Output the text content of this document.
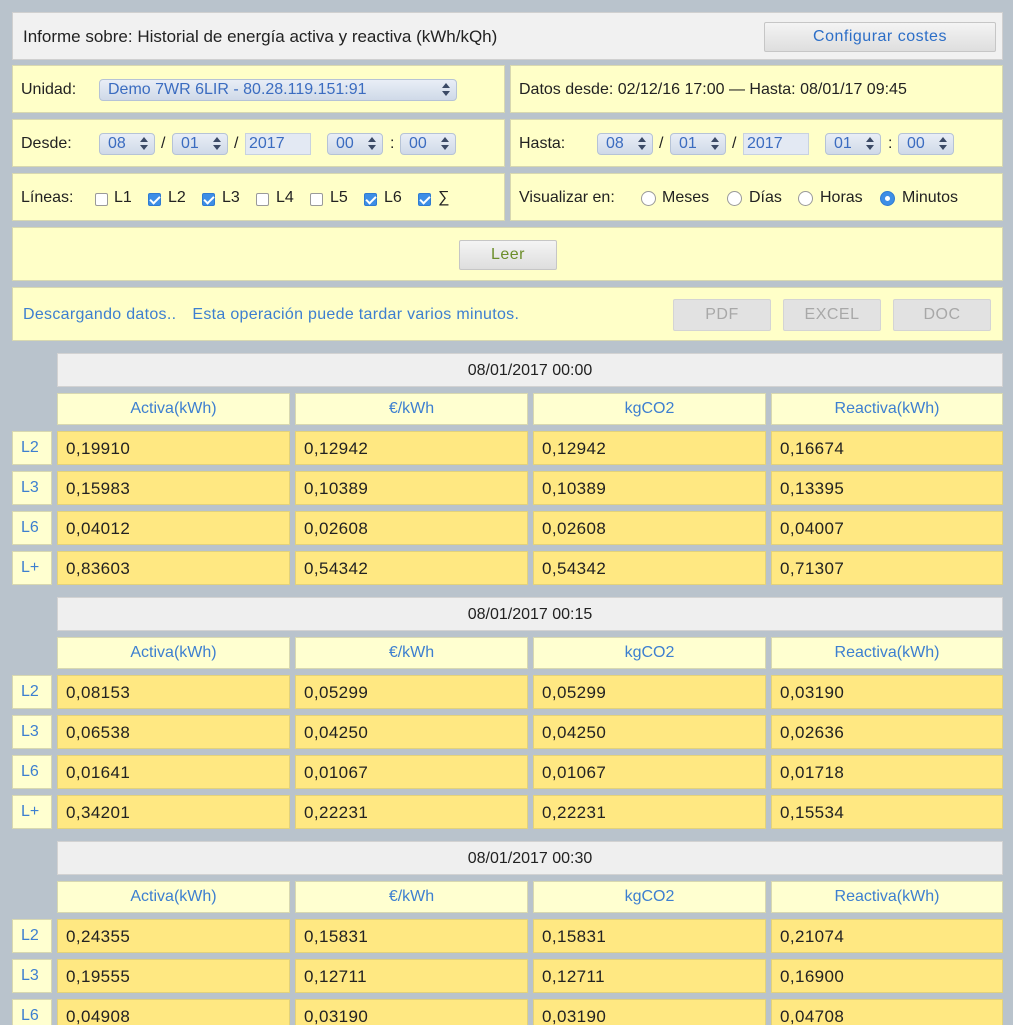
Informe sobre: Historial de energía activa y reactiva (kWh/kQh)	Configurar costes
Unidad:	Demo 7WR 6LIR - 80.28.119.151:91	Datos desde: 02/12/16 17:00 — Hasta: 08/01/17 09:45
Desde:	08	/ 01	/ 2017	00	: 00	Hasta:	08	/ 01	/ 2017	01	: 00
Líneas:	L1 L2 L3 L4 L5 L6 ∑	Visualizar en:	Meses Días Horas Minutos
Leer
Descargando datos.. Esta operación puede tardar varios minutos.	PDF	EXCEL	DOC
08/01/2017 00:00
Activa(kWh)	€/kWh	kgCO2	Reactiva(kWh)
L2	0,19910	0,12942	0,12942	0,16674
L3	0,15983	0,10389	0,10389	0,13395
L6	0,04012	0,02608	0,02608	0,04007
L+	0,83603	0,54342	0,54342	0,71307
08/01/2017 00:15
Activa(kWh)	€/kWh	kgCO2	Reactiva(kWh)
L2	0,08153	0,05299	0,05299	0,03190
L3	0,06538	0,04250	0,04250	0,02636
L6	0,01641	0,01067	0,01067	0,01718
L+	0,34201	0,22231	0,22231	0,15534
08/01/2017 00:30
Activa(kWh)	€/kWh	kgCO2	Reactiva(kWh)
L2	0,24355	0,15831	0,15831	0,21074
L3	0,19555	0,12711	0,12711	0,16900
L6	0,04908	0,03190	0,03190	0,04708
